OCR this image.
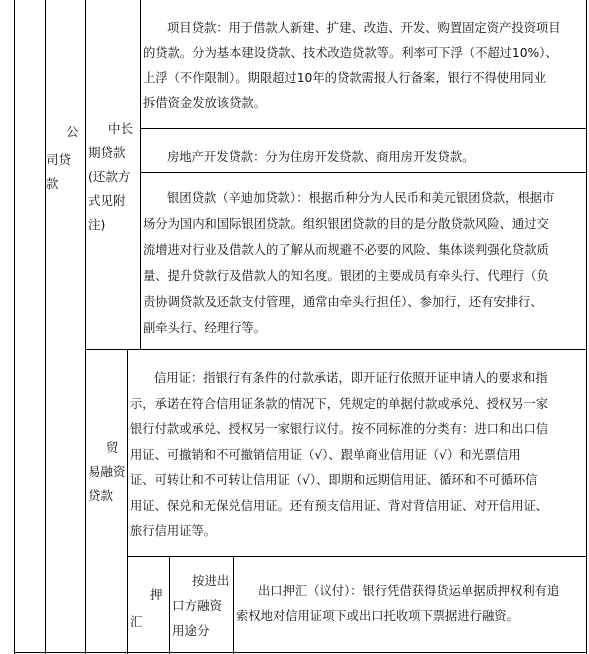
公
司贷
款
中长
期贷款
(还款方
式见附
注)
项目贷款：用于借款人新建、扩建、改造、开发、购置固定资产投资项目
的贷款。分为基本建设贷款、技术改造贷款等。利率可下浮（不超过10%）、
上浮（不作限制）。期限超过10年的贷款需报人行备案，银行不得使用同业
拆借资金发放该贷款。
房地产开发贷款：分为住房开发贷款、商用房开发贷款。
银团贷款（辛迪加贷款）：根据币种分为人民币和美元银团贷款，根据市
场分为国内和国际银团贷款。组织银团贷款的目的是分散贷款风险、通过交
流增进对行业及借款人的了解从而规避不必要的风险、集体谈判强化贷款质
量、提升贷款行及借款人的知名度。银团的主要成员有牵头行、代理行（负
责协调贷款及还款支付管理，通常由牵头行担任）、参加行，还有安排行、
副牵头行、经理行等。
贸
易融资
贷款
信用证：指银行有条件的付款承诺，即开证行依照开证申请人的要求和指
示，承诺在符合信用证条款的情况下，凭规定的单据付款或承兑、授权另一家
银行付款或承兑、授权另一家银行议付。按不同标准的分类有：进口和出口信
用证、可撤销和不可撤销信用证（√）、跟单商业信用证（√）和光票信用
证、可转让和不可转让信用证（√）、即期和远期信用证、循环和不可循环信
用证、保兑和无保兑信用证。还有预支信用证、背对背信用证、对开信用证、
旅行信用证等。
押
汇
按进出
口方融资
用途分
出口押汇（议付）：银行凭借获得货运单据质押权利有追
索权地对信用证项下或出口托收项下票据进行融资。
